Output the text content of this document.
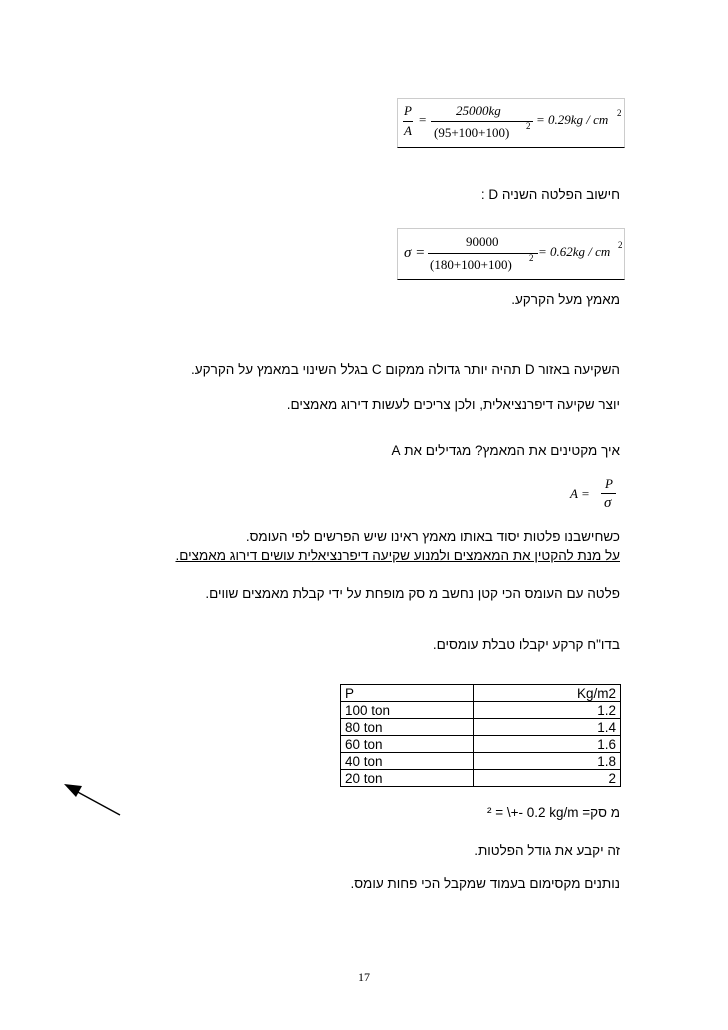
P
A
=
25000kg
(95+100+100) 2 = 0.29kg / cm 2
חישוב הפלטה השניה D :
σ =
90000
(180+100+100) 2 = 0.62kg / cm 2
מאמץ מעל הקרקע.
השקיעה באזור D תהיה יותר גדולה ממקום C בגלל השינוי במאמץ על הקרקע.
יוצר שקיעה דיפרנציאלית, ולכן צריכים לעשות דירוג מאמצים.
איך מקטינים את המאמץ? מגדילים את A
A =
P
σ
כשחישבנו פלטות יסוד באותו מאמץ ראינו שיש הפרשים לפי העומס.
על מנת להקטין את המאמצים ולמנוע שקיעה דיפרנציאלית עושים דירוג מאמצים.
פלטה עם העומס הכי קטן נחשב מ סק מופחת על ידי קבלת מאמצים שווים.
בדו"ח קרקע יקבלו טבלת עומסים.
P	Kg/m2
100 ton	1.2
80 ton	1.4
60 ton	1.6
40 ton	1.8
20 ton	2
² = \+- 0.2 kg/m מ סק=
זה יקבע את גודל הפלטות.
נותנים מקסימום בעמוד שמקבל הכי פחות עומס.
17
